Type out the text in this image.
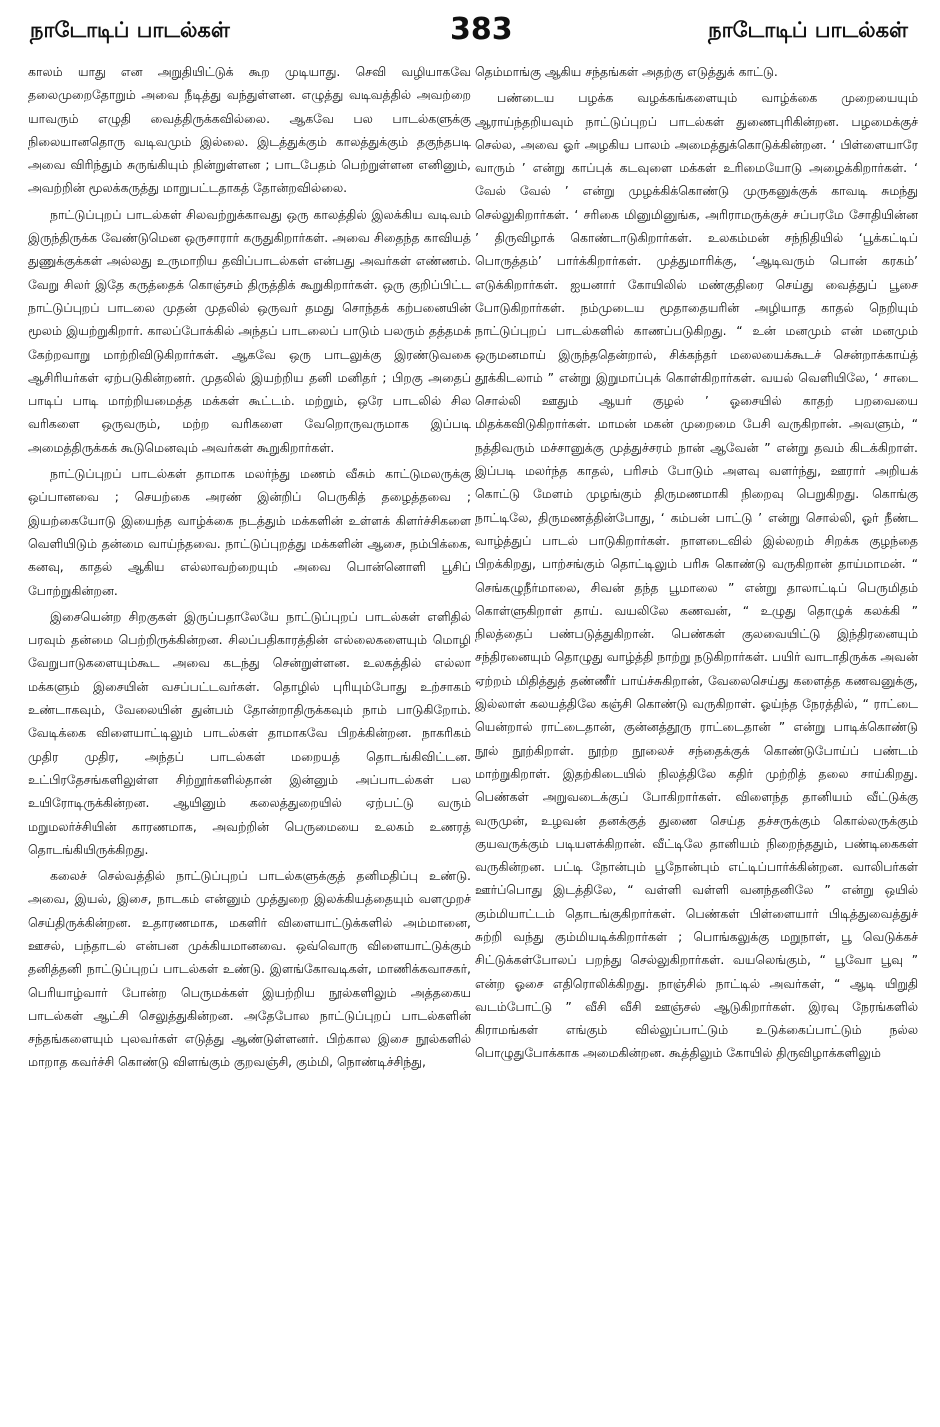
நாடோடிப் பாடல்கள்	383	நாடோடிப் பாடல்கள்

காலம் யாது என அறுதியிட்டுக் கூற முடியாது. செவி வழியாகவே தலைமுறைதோறும் அவை நீடித்து வந்துள்ளன. எழுத்து வடிவத்தில் அவற்றை யாவரும் எழுதி வைத்திருக்கவில்லை. ஆகவே பல பாடல்களுக்கு நிலையானதொரு வடிவமும் இல்லை. இடத்துக்கும் காலத்துக்கும் தகுந்தபடி அவை விரிந்தும் சுருங்கியும் நின்றுள்ளன ; பாடபேதம் பெற்றுள்ளன எனினும், அவற்றின் மூலக்கருத்து மாறுபட்டதாகத் தோன்றவில்லை.

நாட்டுப்புறப் பாடல்கள் சிலவற்றுக்காவது ஒரு காலத்தில் இலக்கிய வடிவம் இருந்திருக்க வேண்டுமென ஒருசாரார் கருதுகிறார்கள். அவை சிதைந்த காவியத் துணுக்குக்கள் அல்லது உருமாறிய தவிப்பாடல்கள் என்பது அவர்கள் எண்ணம். வேறு சிலர் இதே கருத்தைக் கொஞ்சம் திருத்திக் கூறுகிறார்கள். ஒரு குறிப்பிட்ட நாட்டுப்புறப் பாடலை முதன் முதலில் ஒருவர் தமது சொந்தக் கற்பனையின் மூலம் இயற்றுகிறார். காலப்போக்கில் அந்தப் பாடலைப் பாடும் பலரும் தத்தமக் கேற்றவாறு மாற்றிவிடுகிறார்கள். ஆகவே ஒரு பாடலுக்கு இரண்டுவகை ஆசிரியர்கள் ஏற்படுகின்றனர். முதலில் இயற்றிய தனி மனிதர் ; பிறகு அதைப் பாடிப் பாடி மாற்றியமைத்த மக்கள் கூட்டம். மற்றும், ஒரே பாடலில் சில வரிகளை ஒருவரும், மற்ற வரிகளை வேறொருவருமாக இப்படி அமைத்திருக்கக் கூடுமெனவும் அவர்கள் கூறுகிறார்கள்.

நாட்டுப்புறப் பாடல்கள் தாமாக மலர்ந்து மணம் வீசும் காட்டுமலருக்கு ஒப்பானவை ; செயற்கை அரண் இன்றிப் பெருகித் தழைத்தவை ; இயற்கையோடு இயைந்த வாழ்க்கை நடத்தும் மக்களின் உள்ளக் கிளர்ச்சிகளை வெளியிடும் தன்மை வாய்ந்தவை. நாட்டுப்புறத்து மக்களின் ஆசை, நம்பிக்கை, கனவு, காதல் ஆகிய எல்லாவற்றையும் அவை பொன்னொளி பூசிப் போற்றுகின்றன.

இசையென்ற சிறகுகள் இருப்பதாலேயே நாட்டுப்புறப் பாடல்கள் எளிதில் பரவும் தன்மை பெற்றிருக்கின்றன. சிலப்பதிகாரத்தின் எல்லைகளையும் மொழி வேறுபாடுகளையும்கூட அவை கடந்து சென்றுள்ளன. உலகத்தில் எல்லா மக்களும் இசையின் வசப்பட்டவர்கள். தொழில் புரியும்போது உற்சாகம் உண்டாகவும், வேலையின் துன்பம் தோன்றாதிருக்கவும் நாம் பாடுகிறோம். வேடிக்கை விளையாட்டிலும் பாடல்கள் தாமாகவே பிறக்கின்றன. நாகரிகம் முதிர முதிர, அந்தப் பாடல்கள் மறையத் தொடங்கிவிட்டன. உட்பிரதேசங்களிலுள்ள சிற்றூர்களில்தான் இன்னும் அப்பாடல்கள் பல உயிரோடிருக்கின்றன. ஆயினும் கலைத்துறையில் ஏற்பட்டு வரும் மறுமலர்ச்சியின் காரணமாக, அவற்றின் பெருமையை உலகம் உணரத் தொடங்கியிருக்கிறது.

கலைச் செல்வத்தில் நாட்டுப்புறப் பாடல்களுக்குத் தனிமதிப்பு உண்டு. அவை, இயல், இசை, நாடகம் என்னும் முத்துறை இலக்கியத்தையும் வளமுறச் செய்திருக்கின்றன. உதாரணமாக, மகளிர் விளையாட்டுக்களில் அம்மானை, ஊசல், பந்தாடல் என்பன முக்கியமானவை. ஒவ்வொரு விளையாட்டுக்கும் தனித்தனி நாட்டுப்புறப் பாடல்கள் உண்டு. இளங்கோவடிகள், மாணிக்கவாசகர், பெரியாழ்வார் போன்ற பெருமக்கள் இயற்றிய நூல்களிலும் அத்தகைய பாடல்கள் ஆட்சி செலுத்துகின்றன. அதேபோல நாட்டுப்புறப் பாடல்களின் சந்தங்களையும் புலவர்கள் எடுத்து ஆண்டுள்ளனர். பிற்கால இசை நூல்களில் மாறாத கவர்ச்சி கொண்டு விளங்கும் குறவஞ்சி, கும்மி, நொண்டிச்சிந்து,

தெம்மாங்கு ஆகிய சந்தங்கள் அதற்கு எடுத்துக் காட்டு.

பண்டைய பழக்க வழக்கங்களையும் வாழ்க்கை முறையையும் ஆராய்ந்தறியவும் நாட்டுப்புறப் பாடல்கள் துணைபுரிகின்றன. பழமைக்குச் செல்ல, அவை ஓர் அழகிய பாலம் அமைத்துக்கொடுக்கின்றன. ‘ பிள்ளையாரே வாரும் ’ என்று காப்புக் கடவுளை மக்கள் உரிமையோடு அழைக்கிறார்கள். ‘ வேல் வேல் ’ என்று முழக்கிக்கொண்டு முருகனுக்குக் காவடி சுமந்து செல்லுகிறார்கள். ‘ சரிகை மினுமினுங்க, அரிராமருக்குச் சப்பரமே சோதியின்ன ’ திருவிழாக் கொண்டாடுகிறார்கள். உலகம்மன் சந்நிதியில் ‘பூக்கட்டிப் பொருத்தம்’ பார்க்கிறார்கள். முத்துமாரிக்கு, ‘ஆடிவரும் பொன் கரகம்’ எடுக்கிறார்கள். ஐயனார் கோயிலில் மண்குதிரை செய்து வைத்துப் பூசை போடுகிறார்கள். நம்முடைய மூதாதையரின் அழியாத காதல் நெறியும் நாட்டுப்புறப் பாடல்களில் காணப்படுகிறது. “ உன் மனமும் என் மனமும் ஒருமனமாய் இருந்ததென்றால், சிக்கந்தர் மலையைக்கூடச் சென்றாக்காய்த் தூக்கிடலாம் ” என்று இறுமாப்புக் கொள்கிறார்கள். வயல் வெளியிலே, ‘ சாடை சொல்லி ஊதும் ஆயர் குழல் ’ ஓசையில் காதற் பறவையை மிதக்கவிடுகிறார்கள். மாமன் மகன் முறைமை பேசி வருகிறான். அவளும், “ நத்திவரும் மச்சானுக்கு முத்துச்சரம் நான் ஆவேன் ” என்று தவம் கிடக்கிறாள். இப்படி மலர்ந்த காதல், பரிசம் போடும் அளவு வளர்ந்து, ஊரார் அறியக் கொட்டு மேளம் முழங்கும் திருமணமாகி நிறைவு பெறுகிறது. கொங்கு நாட்டிலே, திருமணத்தின்போது, ‘ கம்பன் பாட்டு ’ என்று சொல்லி, ஓர் நீண்ட வாழ்த்துப் பாடல் பாடுகிறார்கள். நாளடைவில் இல்லறம் சிறக்க குழந்தை பிறக்கிறது, பாற்சங்கும் தொட்டிலும் பரிசு கொண்டு வருகிறான் தாய்மாமன். “ செங்கழுநீர்மாலை, சிவன் தந்த பூமாலை ” என்று தாலாட்டிப் பெருமிதம் கொள்ளுகிறாள் தாய். வயலிலே கணவன், “ உழுது தொழுக் கலக்கி ” நிலத்தைப் பண்படுத்துகிறான். பெண்கள் குலவையிட்டு இந்திரனையும் சந்திரனையும் தொழுது வாழ்த்தி நாற்று நடுகிறார்கள். பயிர் வாடாதிருக்க அவன் ஏற்றம் மிதித்துத் தண்ணீர் பாய்ச்சுகிறான், வேலைசெய்து களைத்த கணவனுக்கு, இல்லாள் கலயத்திலே கஞ்சி கொண்டு வருகிறாள். ஓய்ந்த நேரத்தில், “ ராட்டை யென்றால் ராட்டைதான், குன்னத்தூரு ராட்டைதான் ” என்று பாடிக்கொண்டு நூல் நூற்கிறாள். நூற்ற நூலைச் சந்தைக்குக் கொண்டுபோய்ப் பண்டம் மாற்றுகிறாள். இதற்கிடையில் நிலத்திலே கதிர் முற்றித் தலை சாய்கிறது. பெண்கள் அறுவடைக்குப் போகிறார்கள். விளைந்த தானியம் வீட்டுக்கு வருமுன், உழவன் தனக்குத் துணை செய்த தச்சருக்கும் கொல்லருக்கும் குயவருக்கும் படியளக்கிறான். வீட்டிலே தானியம் நிறைந்ததும், பண்டிகைகள் வருகின்றன. பட்டி நோன்பும் பூநோன்பும் எட்டிப்பார்க்கின்றன. வாலிபர்கள் ஊர்ப்பொது இடத்திலே, “ வள்ளி வள்ளி வனந்தனிலே ” என்று ஒயில் கும்மியாட்டம் தொடங்குகிறார்கள். பெண்கள் பிள்ளையார் பிடித்துவைத்துச் சுற்றி வந்து கும்மியடிக்கிறார்கள் ; பொங்கலுக்கு மறுநாள், பூ வெடுக்கச் சிட்டுக்கள்போலப் பறந்து செல்லுகிறார்கள். வயலெங்கும், “ பூவோ பூவு ” என்ற ஓசை எதிரொலிக்கிறது. நாஞ்சில் நாட்டில் அவர்கள், “ ஆடி யிறுதி வடம்போட்டு ” வீசி வீசி ஊஞ்சல் ஆடுகிறார்கள். இரவு நேரங்களில் கிராமங்கள் எங்கும் வில்லுப்பாட்டும் உடுக்கைப்பாட்டும் நல்ல பொழுதுபோக்காக அமைகின்றன. கூத்திலும் கோயில் திருவிழாக்களிலும்
